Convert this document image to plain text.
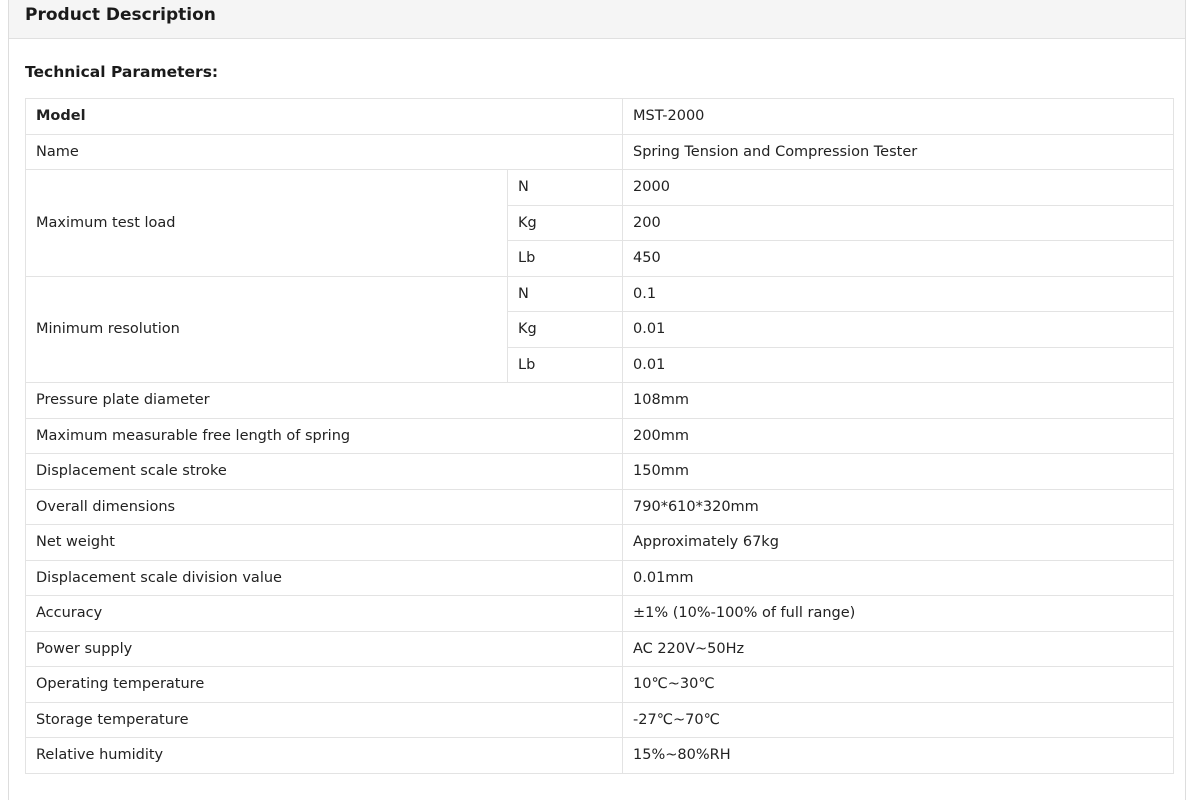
Product Description
Technical Parameters:
Model		MST-2000
Name		Spring Tension and Compression Tester
Maximum test load	N	2000
	Kg	200
	Lb	450
Minimum resolution	N	0.1
	Kg	0.01
	Lb	0.01
Pressure plate diameter		108mm
Maximum measurable free length of spring		200mm
Displacement scale stroke		150mm
Overall dimensions		790*610*320mm
Net weight		Approximately 67kg
Displacement scale division value		0.01mm
Accuracy		±1% (10%-100% of full range)
Power supply		AC 220V~50Hz
Operating temperature		10℃~30℃
Storage temperature		-27℃~70℃
Relative humidity		15%~80%RH
